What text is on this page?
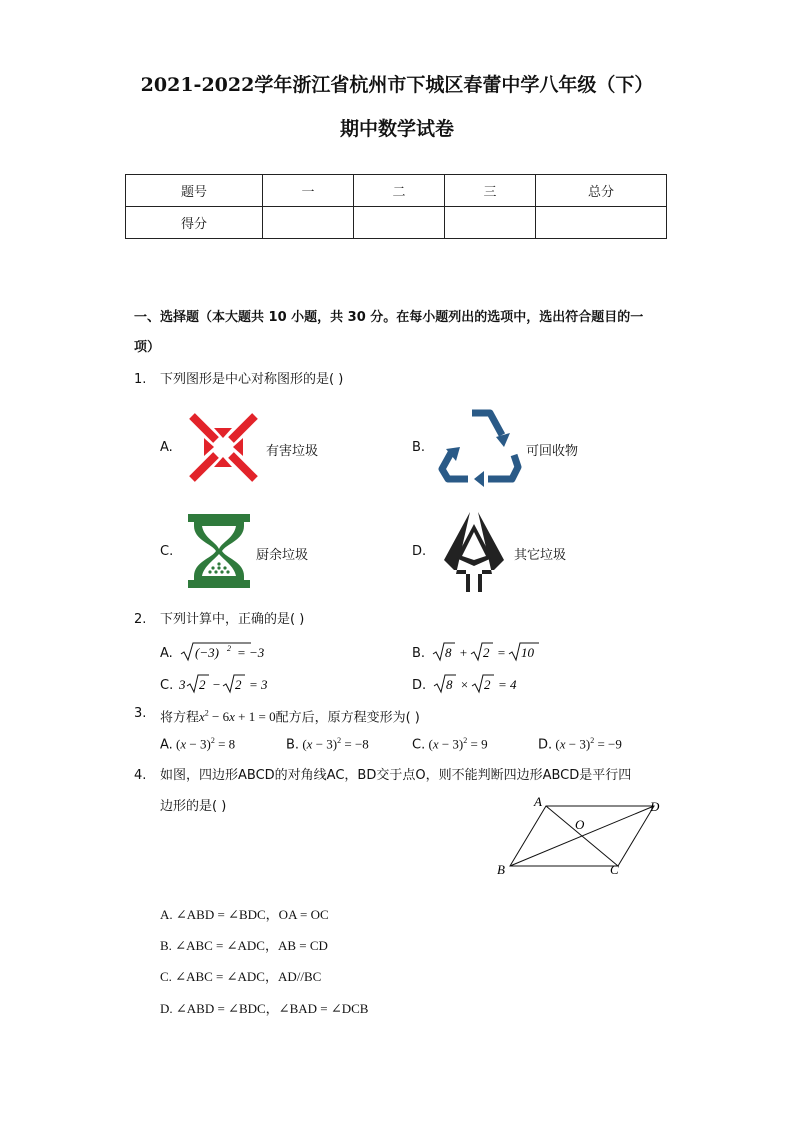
2021-2022学年浙江省杭州市下城区春蕾中学八年级（下）
期中数学试卷
题号	一	二	三	总分
得分				
一、选择题（本大题共 10 小题，共 30 分。在每小题列出的选项中，选出符合题目的一
项）
1. 下列图形是中心对称图形的是( )
A.	有害垃圾	B.	可回收物
C.	厨余垃圾	D.	其它垃圾
2. 下列计算中，正确的是( )
A. (−3) 2 = −3	B. 8 + 2 = 10
C. 3 2 − 2 = 3	D. 8 × 2 = 4
3. 将方程$x^2 - 6x + 1 = 0$配方后，原方程变形为( )
A. $(x - 3)^2 = 8$	B. $(x - 3)^2 = -8$	C. $(x - 3)^2 = 9$	D. $(x - 3)^2 = -9$
4. 如图，四边形ABCD的对角线AC，BD交于点O，则不能判断四边形ABCD是平行四
边形的是( )	A	D
B	C
O
A. ∠ABD = ∠BDC，OA = OC
B. ∠ABC = ∠ADC，AB = CD
C. ∠ABC = ∠ADC，AD//BC
D. ∠ABD = ∠BDC，∠BAD = ∠DCB
